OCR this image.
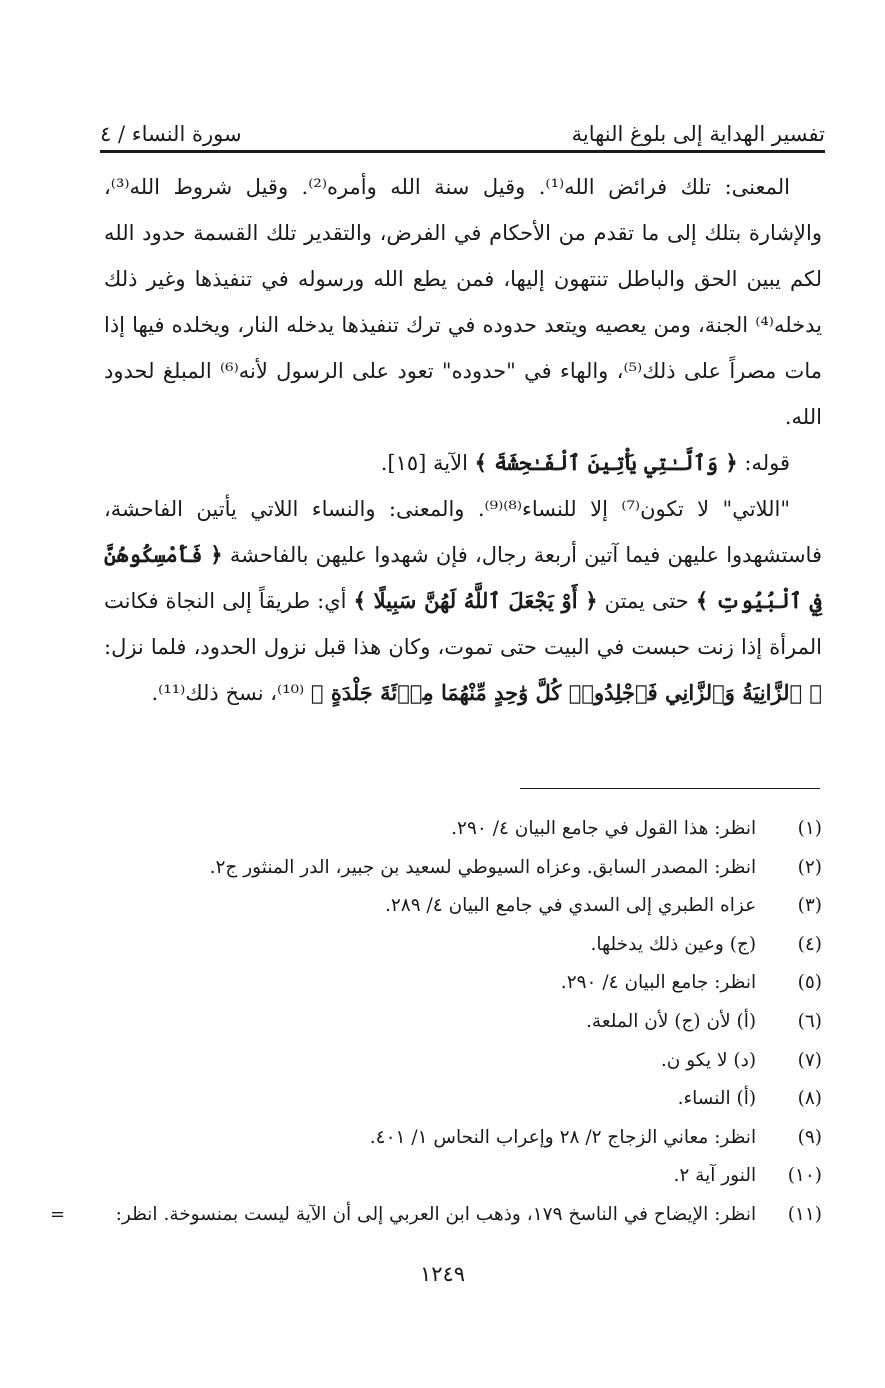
تفسير الهداية إلى بلوغ النهاية
سورة النساء / ٤

المعنى: تلك فرائض الله⁽¹⁾. وقيل سنة الله وأمره⁽²⁾. وقيل شروط الله⁽³⁾، والإشارة بتلك إلى ما تقدم من الأحكام في الفرض، والتقدير تلك القسمة حدود الله لكم يبين الحق والباطل تنتهون إليها، فمن يطع الله ورسوله في تنفيذها وغير ذلك يدخله⁽⁴⁾ الجنة، ومن يعصيه ويتعد حدوده في ترك تنفيذها يدخله النار، ويخلده فيها إذا مات مصراً على ذلك⁽⁵⁾، والهاء في "حدوده" تعود على الرسول لأنه⁽⁶⁾ المبلغ لحدود الله.

قوله: ﴿ وَٱلَّـٰتِي يَأْتِينَ ٱلْفَـٰحِشَةَ ﴾ الآية [١٥].

"اللاتي" لا تكون⁽⁷⁾ إلا للنساء⁽⁸⁾⁽⁹⁾. والمعنى: والنساء اللاتي يأتين الفاحشة، فاستشهدوا عليهن فيما آتين أربعة رجال، فإن شهدوا عليهن بالفاحشة ﴿ فَأَمْسِكُوهُنَّ فِي ٱلْبُيُوتِ ﴾ حتى يمتن ﴿ أَوْ يَجْعَلَ ٱللَّهُ لَهُنَّ سَبِيلًا ﴾ أي: طريقاً إلى النجاة فكانت المرأة إذا زنت حبست في البيت حتى تموت، وكان هذا قبل نزول الحدود، فلما نزل: ﴿ ٱلزَّانِيَةُ وَٱلزَّانِي فَٱجْلِدُوا۟ كُلَّ وَٰحِدٍ مِّنْهُمَا مِا۟ئَةَ جَلْدَةٍ ﴾ ⁽¹⁰⁾، نسخ ذلك⁽¹¹⁾.

(١) انظر: هذا القول في جامع البيان ٤/ ٢٩٠.
(٢) انظر: المصدر السابق. وعزاه السيوطي لسعيد بن جبير، الدر المنثور ج٢.
(٣) عزاه الطبري إلى السدي في جامع البيان ٤/ ٢٨٩.
(٤) (ج) وعين ذلك يدخلها.
(٥) انظر: جامع البيان ٤/ ٢٩٠.
(٦) (أ) لأن (ج) لأن الملعة.
(٧) (د) لا يكو ن.
(٨) (أ) النساء.
(٩) انظر: معاني الزجاج ٢/ ٢٨ وإعراب النحاس ١/ ٤٠١.
(١٠) النور آية ٢.
(١١) انظر: الإيضاح في الناسخ ١٧٩، وذهب ابن العربي إلى أن الآية ليست بمنسوخة. انظر:
=
١٢٤٩
